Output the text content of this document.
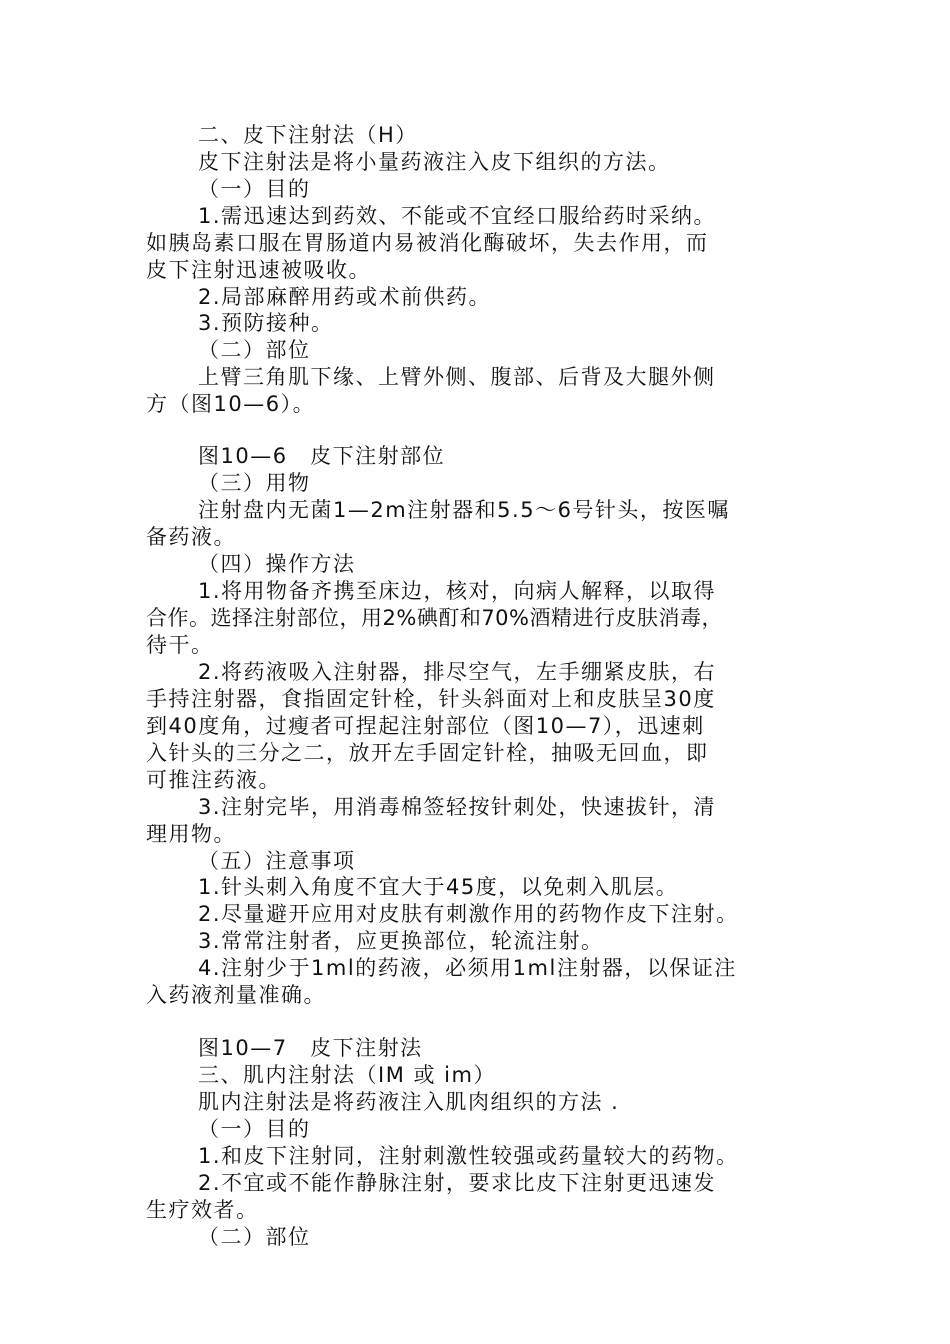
二、皮下注射法（H）
皮下注射法是将小量药液注入皮下组织的方法。
（一）目的
1.需迅速达到药效、不能或不宜经口服给药时采纳。
如胰岛素口服在胃肠道内易被消化酶破坏，失去作用，而
皮下注射迅速被吸收。
2.局部麻醉用药或术前供药。
3.预防接种。
（二）部位
上臂三角肌下缘、上臂外侧、腹部、后背及大腿外侧
方（图10—6）。
图10—6　皮下注射部位
（三）用物
注射盘内无菌1—2m注射器和5.5～6号针头，按医嘱
备药液。
（四）操作方法
1.将用物备齐携至床边，核对，向病人解释，以取得
合作。选择注射部位，用2%碘酊和70%酒精进行皮肤消毒，
待干。
2.将药液吸入注射器，排尽空气，左手绷紧皮肤，右
手持注射器，食指固定针栓，针头斜面对上和皮肤呈30度
到40度角，过瘦者可捏起注射部位（图10—7），迅速刺
入针头的三分之二，放开左手固定针栓，抽吸无回血，即
可推注药液。
3.注射完毕，用消毒棉签轻按针刺处，快速拔针，清
理用物。
（五）注意事项
1.针头刺入角度不宜大于45度，以免刺入肌层。
2.尽量避开应用对皮肤有刺激作用的药物作皮下注射。
3.常常注射者，应更换部位，轮流注射。
4.注射少于1ml的药液，必须用1ml注射器，以保证注
入药液剂量准确。
图10—7　皮下注射法
三、肌内注射法（IM 或 im）
肌内注射法是将药液注入肌肉组织的方法 .
（一）目的
1.和皮下注射同，注射刺激性较强或药量较大的药物。
2.不宜或不能作静脉注射，要求比皮下注射更迅速发
生疗效者。
（二）部位
